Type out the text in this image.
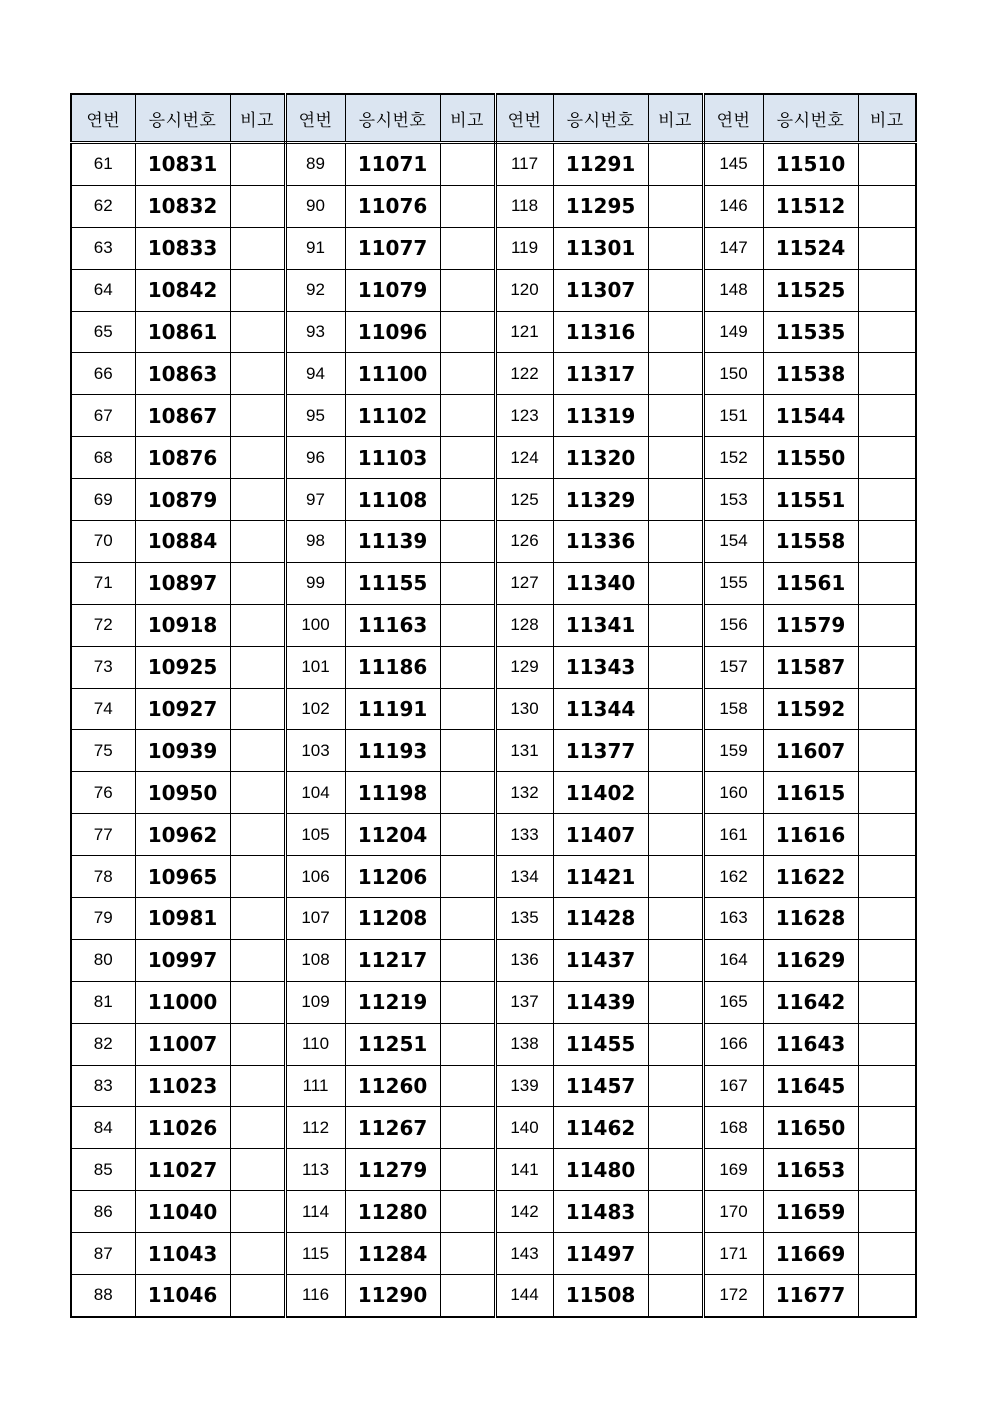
연번	응시번호	비고	연번	응시번호	비고	연번	응시번호	비고	연번	응시번호	비고
61	10831		89	11071		117	11291		145	11510	
62	10832		90	11076		118	11295		146	11512	
63	10833		91	11077		119	11301		147	11524	
64	10842		92	11079		120	11307		148	11525	
65	10861		93	11096		121	11316		149	11535	
66	10863		94	11100		122	11317		150	11538	
67	10867		95	11102		123	11319		151	11544	
68	10876		96	11103		124	11320		152	11550	
69	10879		97	11108		125	11329		153	11551	
70	10884		98	11139		126	11336		154	11558	
71	10897		99	11155		127	11340		155	11561	
72	10918		100	11163		128	11341		156	11579	
73	10925		101	11186		129	11343		157	11587	
74	10927		102	11191		130	11344		158	11592	
75	10939		103	11193		131	11377		159	11607	
76	10950		104	11198		132	11402		160	11615	
77	10962		105	11204		133	11407		161	11616	
78	10965		106	11206		134	11421		162	11622	
79	10981		107	11208		135	11428		163	11628	
80	10997		108	11217		136	11437		164	11629	
81	11000		109	11219		137	11439		165	11642	
82	11007		110	11251		138	11455		166	11643	
83	11023		111	11260		139	11457		167	11645	
84	11026		112	11267		140	11462		168	11650	
85	11027		113	11279		141	11480		169	11653	
86	11040		114	11280		142	11483		170	11659	
87	11043		115	11284		143	11497		171	11669	
88	11046		116	11290		144	11508		172	11677	
